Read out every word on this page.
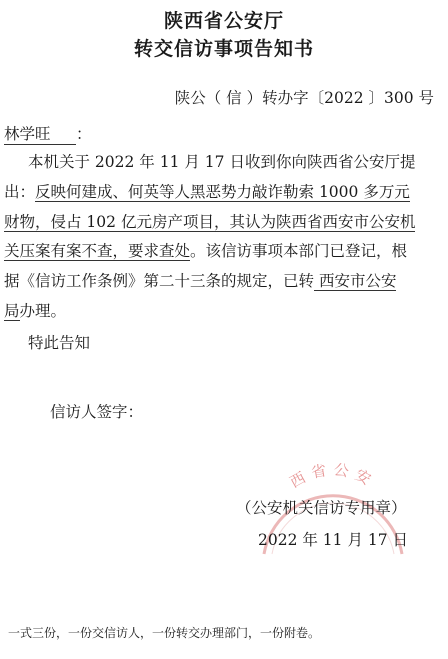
陕西省公安厅
转交信访事项告知书
陕公（ 信 ）转办字〔2022 〕300 号
林学旺 ：
本机关于 2022 年 11 月 17 日收到你向陕西省公安厅提
出：反映何建成、何英等人黑恶势力敲诈勒索 1000 多万元
财物，侵占 102 亿元房产项目，其认为陕西省西安市公安机
关压案有案不查，要求查处。该信访事项本部门已登记，根
据《信访工作条例》第二十三条的规定，已转 西安市公安
局办理。
特此告知
信访人签字：
西省公安
（公安机关信访专用章）
2022 年 11 月 17 日
一式三份，一份交信访人，一份转交办理部门，一份附卷。
